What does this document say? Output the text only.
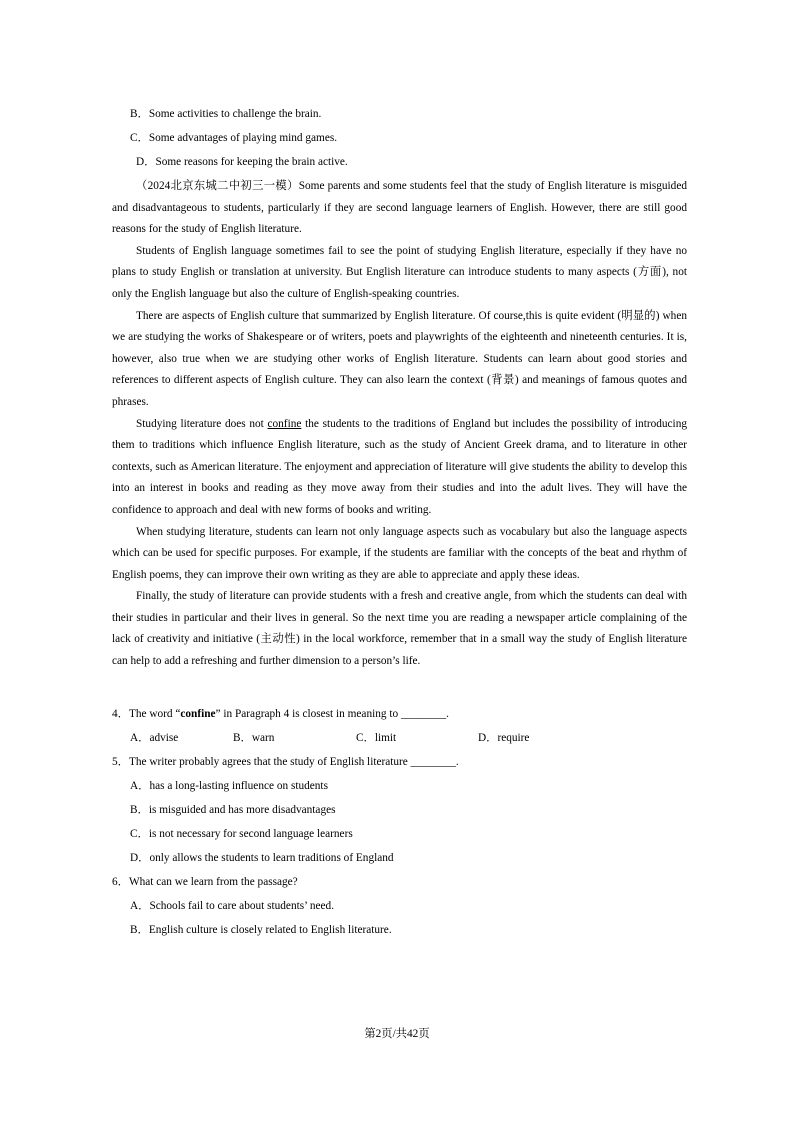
B．Some activities to challenge the brain.
C．Some advantages of playing mind games.
D．Some reasons for keeping the brain active.

（2024北京东城二中初三一模）Some parents and some students feel that the study of English literature is misguided and disadvantageous to students, particularly if they are second language learners of English. However, there are still good reasons for the study of English literature.

Students of English language sometimes fail to see the point of studying English literature, especially if they have no plans to study English or translation at university. But English literature can introduce students to many aspects (方面), not only the English language but also the culture of English-speaking countries.

There are aspects of English culture that summarized by English literature. Of course,this is quite evident (明显的) when we are studying the works of Shakespeare or of writers, poets and playwrights of the eighteenth and nineteenth centuries. It is, however, also true when we are studying other works of English literature. Students can learn about good stories and references to different aspects of English culture. They can also learn the context (背景) and meanings of famous quotes and phrases.

Studying literature does not confine the students to the traditions of England but includes the possibility of introducing them to traditions which influence English literature, such as the study of Ancient Greek drama, and to literature in other contexts, such as American literature. The enjoyment and appreciation of literature will give students the ability to develop this into an interest in books and reading as they move away from their studies and into the adult lives. They will have the confidence to approach and deal with new forms of books and writing.

When studying literature, students can learn not only language aspects such as vocabulary but also the language aspects which can be used for specific purposes. For example, if the students are familiar with the concepts of the beat and rhythm of English poems, they can improve their own writing as they are able to appreciate and apply these ideas.

Finally, the study of literature can provide students with a fresh and creative angle, from which the students can deal with their studies in particular and their lives in general. So the next time you are reading a newspaper article complaining of the lack of creativity and initiative (主动性) in the local workforce, remember that in a small way the study of English literature can help to add a refreshing and further dimension to a person’s life.

4．The word “confine” in Paragraph 4 is closest in meaning to ________.
A．advise	B．warn	C．limit	D．require
5．The writer probably agrees that the study of English literature ________.
A．has a long-lasting influence on students
B．is misguided and has more disadvantages
C．is not necessary for second language learners
D．only allows the students to learn traditions of England
6．What can we learn from the passage?
A．Schools fail to care about students’ need.
B．English culture is closely related to English literature.
第2页/共42页
